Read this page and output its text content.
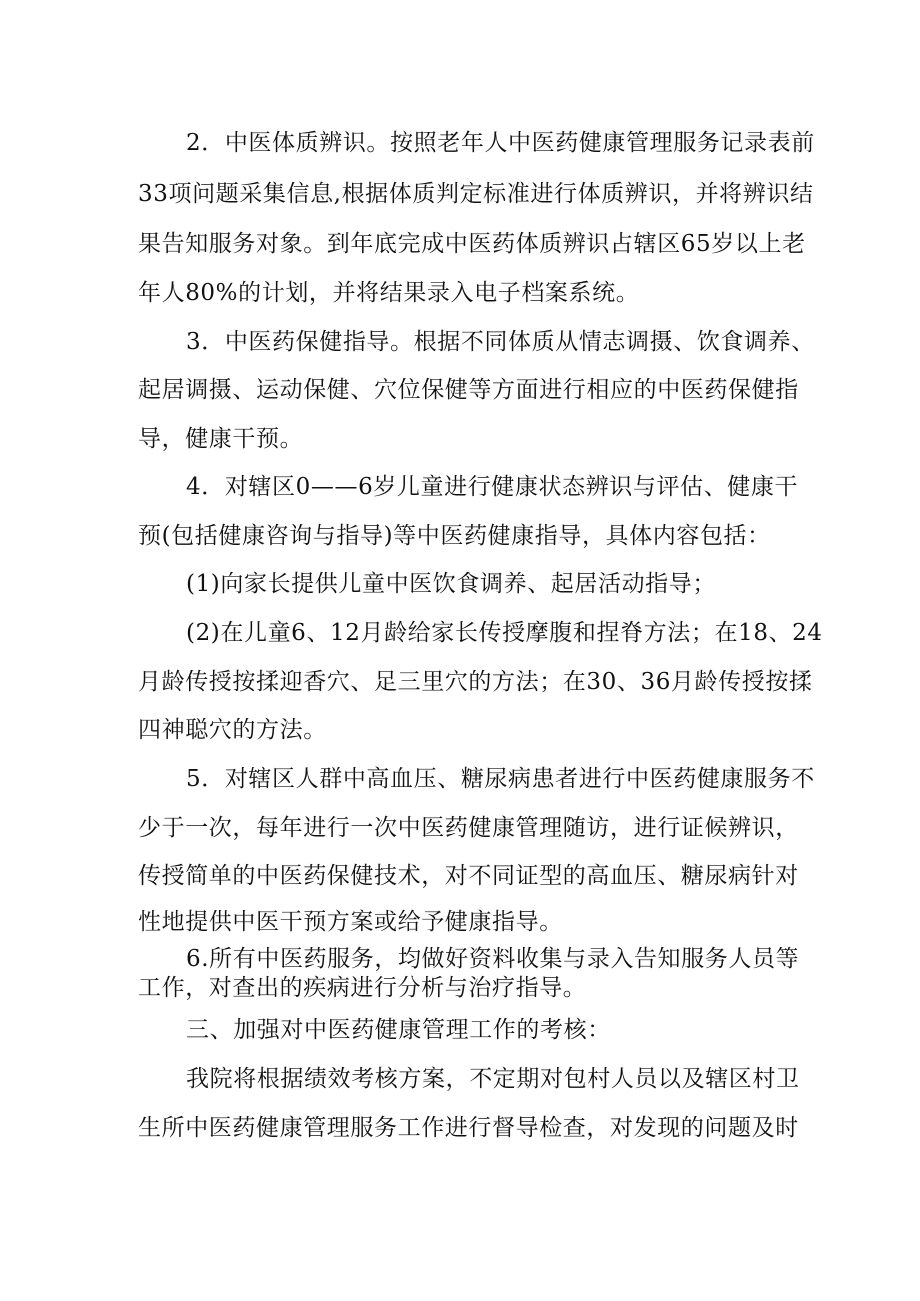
2．中医体质辨识。按照老年人中医药健康管理服务记录表前
33项问题采集信息,根据体质判定标准进行体质辨识，并将辨识结
果告知服务对象。到年底完成中医药体质辨识占辖区65岁以上老
年人80%的计划，并将结果录入电子档案系统。
3．中医药保健指导。根据不同体质从情志调摄、饮食调养、
起居调摄、运动保健、穴位保健等方面进行相应的中医药保健指
导，健康干预。
4．对辖区0——6岁儿童进行健康状态辨识与评估、健康干
预(包括健康咨询与指导)等中医药健康指导，具体内容包括：
(1)向家长提供儿童中医饮食调养、起居活动指导；
(2)在儿童6、12月龄给家长传授摩腹和捏脊方法；在18、24
月龄传授按揉迎香穴、足三里穴的方法；在30、36月龄传授按揉
四神聪穴的方法。
5．对辖区人群中高血压、糖尿病患者进行中医药健康服务不
少于一次，每年进行一次中医药健康管理随访，进行证候辨识，
传授简单的中医药保健技术，对不同证型的高血压、糖尿病针对
性地提供中医干预方案或给予健康指导。
6.所有中医药服务，均做好资料收集与录入告知服务人员等
工作，对查出的疾病进行分析与治疗指导。
三、加强对中医药健康管理工作的考核：
我院将根据绩效考核方案，不定期对包村人员以及辖区村卫
生所中医药健康管理服务工作进行督导检查，对发现的问题及时
